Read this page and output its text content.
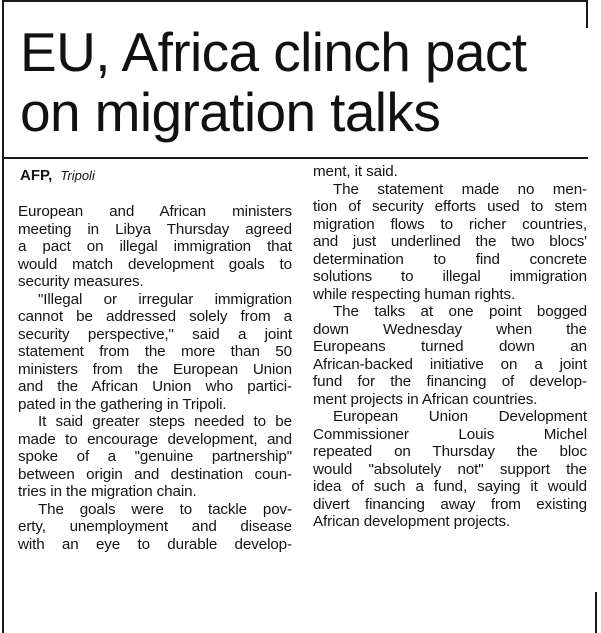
EU, Africa clinch pact
on migration talks
AFP, Tripoli
European and African ministers
meeting in Libya Thursday agreed
a pact on illegal immigration that
would match development goals to
security measures.
"Illegal or irregular immigration
cannot be addressed solely from a
security perspective," said a joint
statement from the more than 50
ministers from the European Union
and the African Union who partici-
pated in the gathering in Tripoli.
It said greater steps needed to be
made to encourage development, and
spoke of a "genuine partnership"
between origin and destination coun-
tries in the migration chain.
The goals were to tackle pov-
erty, unemployment and disease
with an eye to durable develop-
ment, it said.
The statement made no men-
tion of security efforts used to stem
migration flows to richer countries,
and just underlined the two blocs'
determination to find concrete
solutions to illegal immigration
while respecting human rights.
The talks at one point bogged
down Wednesday when the
Europeans turned down an
African-backed initiative on a joint
fund for the financing of develop-
ment projects in African countries.
European Union Development
Commissioner Louis Michel
repeated on Thursday the bloc
would "absolutely not" support the
idea of such a fund, saying it would
divert financing away from existing
African development projects.
